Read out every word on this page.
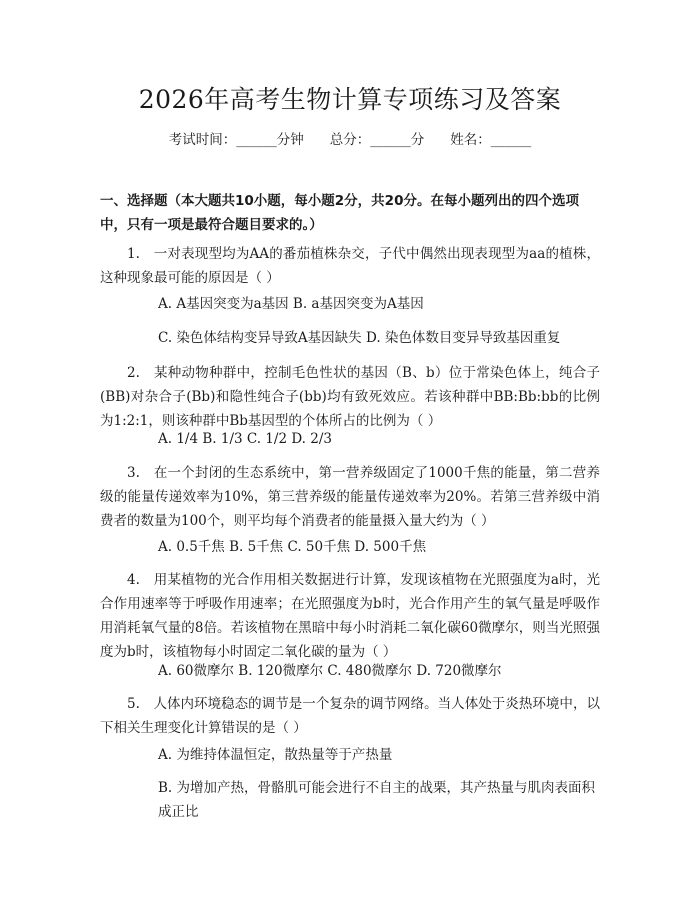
2026年高考生物计算专项练习及答案
考试时间：______分钟 总分：______分 姓名：______
一、选择题（本大题共10小题，每小题2分，共20分。在每小题列出的四个选项中，只有一项是最符合题目要求的。）
1.　一对表现型均为AA的番茄植株杂交，子代中偶然出现表现型为aa的植株，这种现象最可能的原因是（ ）
A. A基因突变为a基因 B. a基因突变为A基因
C. 染色体结构变异导致A基因缺失 D. 染色体数目变异导致基因重复
2.　某种动物种群中，控制毛色性状的基因（B、b）位于常染色体上，纯合子(BB)对杂合子(Bb)和隐性纯合子(bb)均有致死效应。若该种群中BB:Bb:bb的比例为1:2:1，则该种群中Bb基因型的个体所占的比例为（ ）
A. 1/4 B. 1/3 C. 1/2 D. 2/3
3.　在一个封闭的生态系统中，第一营养级固定了1000千焦的能量，第二营养级的能量传递效率为10%，第三营养级的能量传递效率为20%。若第三营养级中消费者的数量为100个，则平均每个消费者的能量摄入量大约为（ ）
A. 0.5千焦 B. 5千焦 C. 50千焦 D. 500千焦
4.　用某植物的光合作用相关数据进行计算，发现该植物在光照强度为a时，光合作用速率等于呼吸作用速率；在光照强度为b时，光合作用产生的氧气量是呼吸作用消耗氧气量的8倍。若该植物在黑暗中每小时消耗二氧化碳60微摩尔，则当光照强度为b时，该植物每小时固定二氧化碳的量为（ ）
A. 60微摩尔 B. 120微摩尔 C. 480微摩尔 D. 720微摩尔
5.　人体内环境稳态的调节是一个复杂的调节网络。当人体处于炎热环境中，以下相关生理变化计算错误的是（ ）
A. 为维持体温恒定，散热量等于产热量
B. 为增加产热，骨骼肌可能会进行不自主的战栗，其产热量与肌肉表面积成正比
